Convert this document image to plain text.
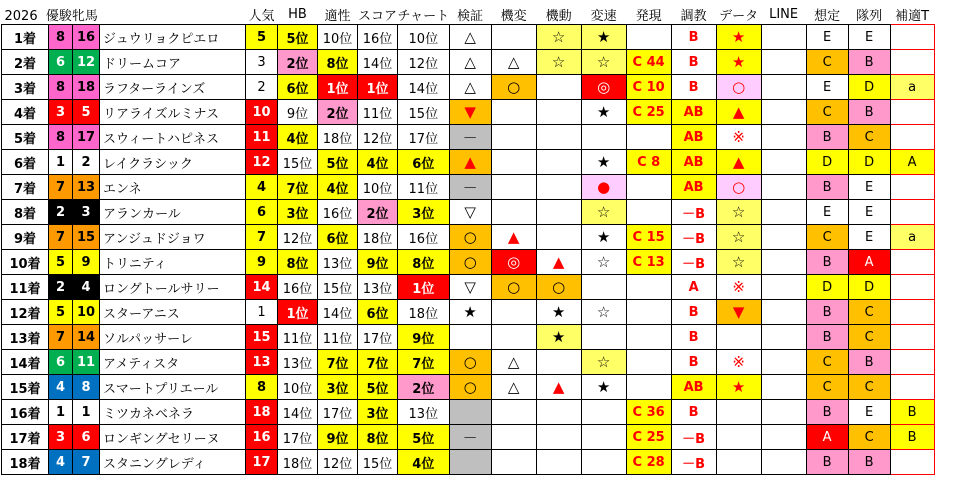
2026 優駿牝馬				人気	HB	適性	スコア	チャート	検証	機変	機動	変速	発現	調教	データ	LINE	想定	隊列	補適T
1着	8	16	ジュウリョクピエロ	5	5位	10位	16位	10位	△		☆	★		B	★		E	E	
2着	6	12	ドリームコア	3	2位	8位	14位	12位	△	△	☆	☆	C 44	B	★		C	B	
3着	8	18	ラフターラインズ	2	6位	1位	1位	14位	△	○		◎	C 10	B	○		E	D	a
4着	3	5	リアライズルミナス	10	9位	2位	11位	15位	▼			★	C 25	AB	▲		C	B	
5着	8	17	スウィートハピネス	11	4位	18位	12位	17位	－					AB	※		B	C	
6着	1	2	レイクラシック	12	15位	5位	4位	6位	▲			★	C 8	AB	▲		D	D	A
7着	7	13	エンネ	4	7位	4位	10位	11位	－			●		AB	○		B	E	
8着	2	3	アランカール	6	3位	16位	2位	3位	▽			☆		－B	☆		E	E	
9着	7	15	アンジュドジョワ	7	12位	6位	18位	16位	○	▲		★	C 15	－B	☆		C	E	a
10着	5	9	トリニティ	9	8位	13位	9位	8位	○	◎	▲	☆	C 13	－B	☆		B	A	
11着	2	4	ロングトールサリー	14	16位	15位	13位	1位	▽	○	○			A	※		D	D	
12着	5	10	スターアニス	1	1位	14位	6位	18位	★		★	☆		B	▼		B	C	
13着	7	14	ソルパッサーレ	15	11位	11位	17位	9位			★			B			B	C	
14着	6	11	アメティスタ	13	13位	7位	7位	7位	○	△		☆		B	※		C	B	
15着	4	8	スマートプリエール	8	10位	3位	5位	2位	○	△	▲	★		AB	★		C	C	
16着	1	1	ミツカネベネラ	18	14位	17位	3位	13位					C 36	B			B	E	B
17着	3	6	ロンギングセリーヌ	16	17位	9位	8位	5位	－				C 25	－B			A	C	B
18着	4	7	スタニングレディ	17	18位	12位	15位	4位					C 28	－B			B	B	
